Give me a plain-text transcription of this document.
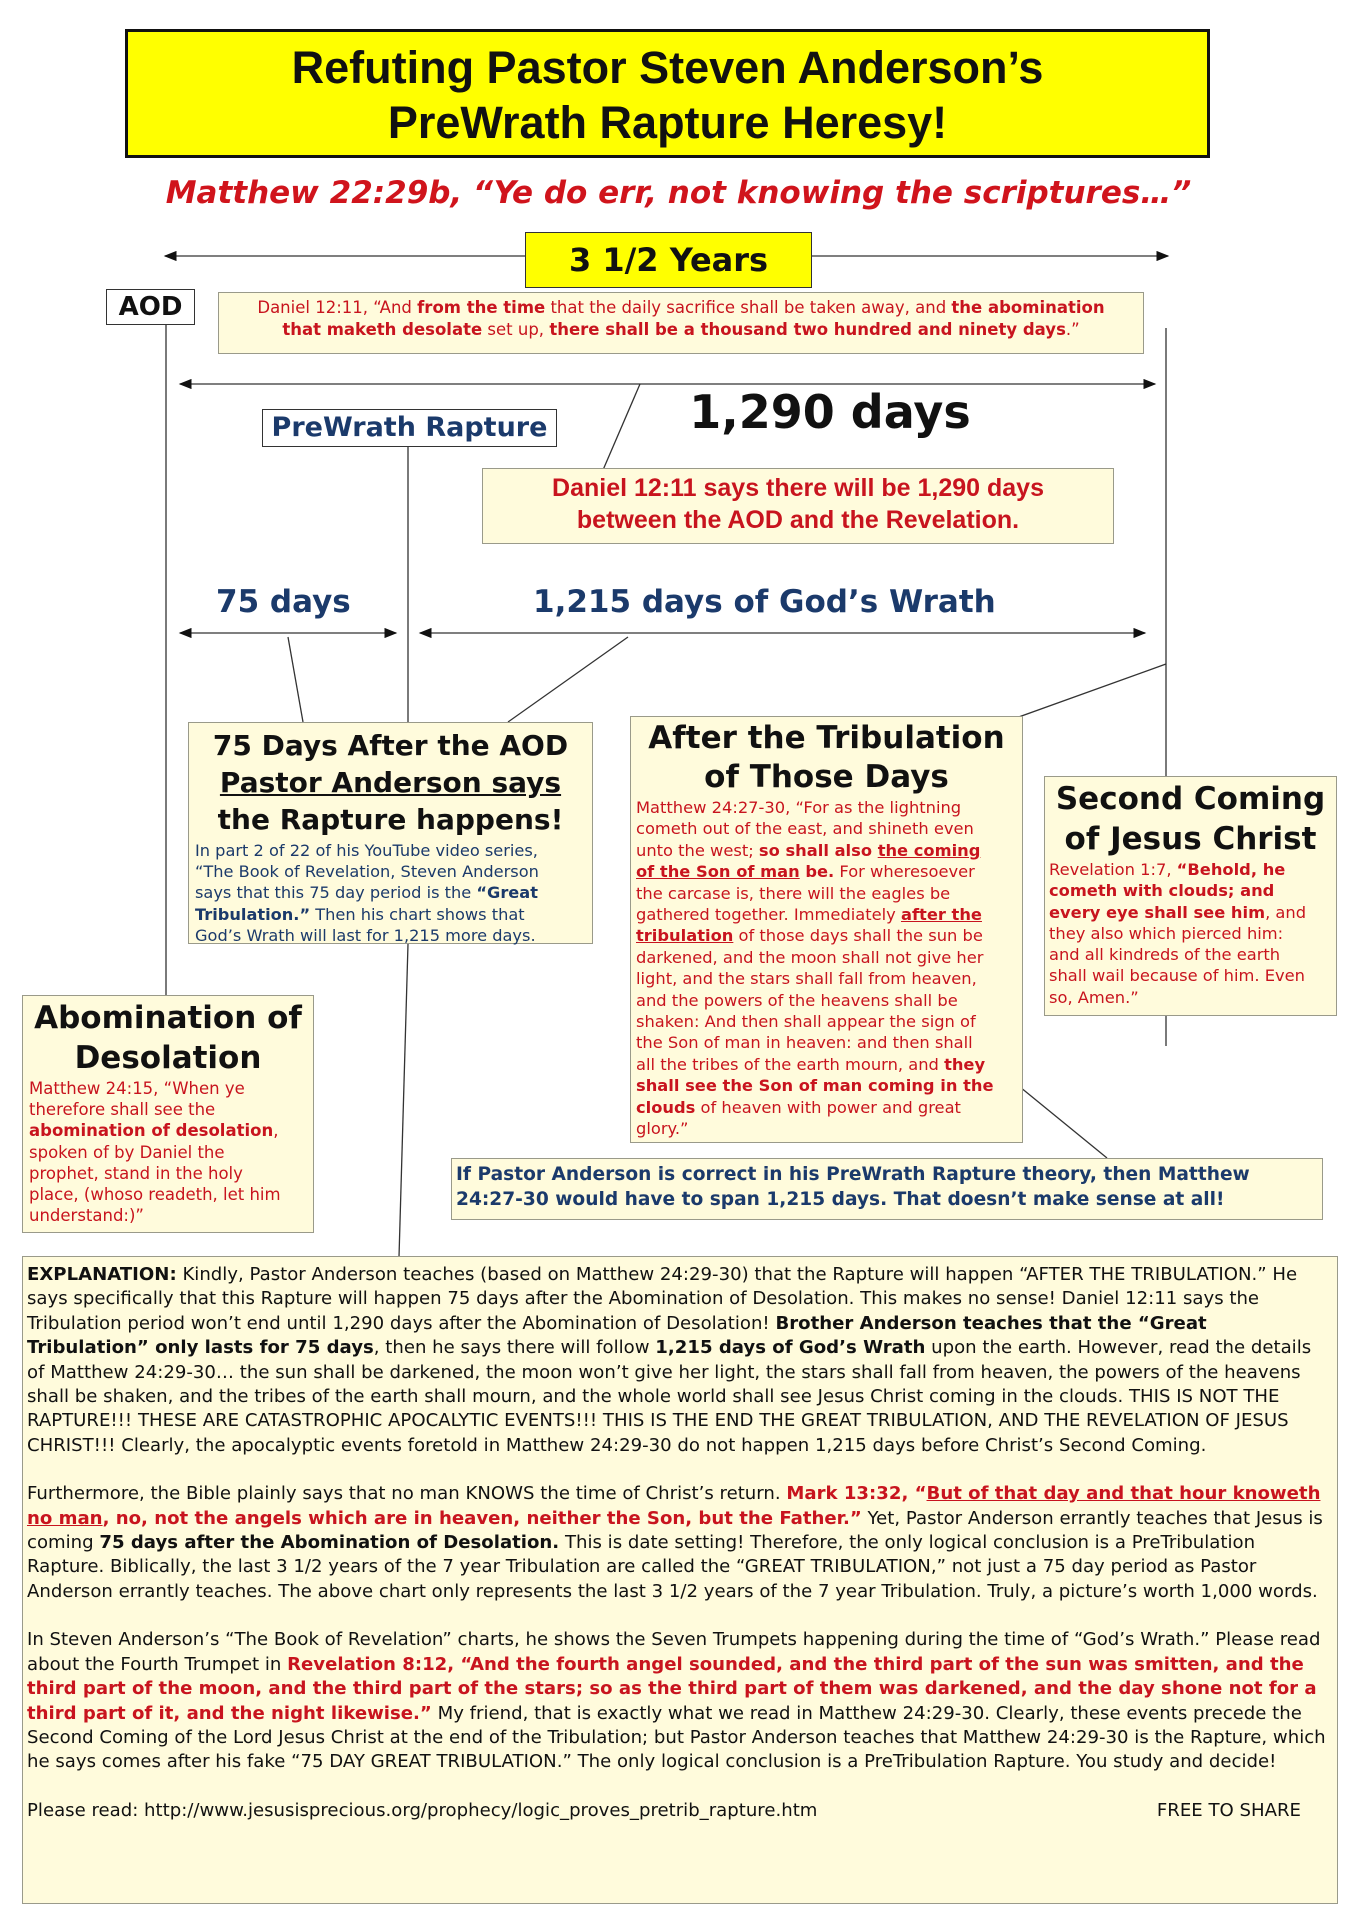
Refuting Pastor Steven Anderson’s
PreWrath Rapture Heresy!
Matthew 22:29b, “Ye do err, not knowing the scriptures…”
3 1/2 Years
AOD	Daniel 12:11, “And from the time that the daily sacrifice shall be taken away, and the abomination
that maketh desolate set up, there shall be a thousand two hundred and ninety days.”
PreWrath Rapture	1,290 days
Daniel 12:11 says there will be 1,290 days
between the AOD and the Revelation.
75 days	1,215 days of God’s Wrath
75 Days After the AOD
Pastor Anderson says
the Rapture happens!
In part 2 of 22 of his YouTube video series,
“The Book of Revelation, Steven Anderson
says that this 75 day period is the “Great
Tribulation.” Then his chart shows that
God’s Wrath will last for 1,215 more days.
Abomination of
Desolation
Matthew 24:15, “When ye
therefore shall see the
abomination of desolation,
spoken of by Daniel the
prophet, stand in the holy
place, (whoso readeth, let him
understand:)”
After the Tribulation
of Those Days
Matthew 24:27-30, “For as the lightning
cometh out of the east, and shineth even
unto the west; so shall also the coming
of the Son of man be. For wheresoever
the carcase is, there will the eagles be
gathered together. Immediately after the
tribulation of those days shall the sun be
darkened, and the moon shall not give her
light, and the stars shall fall from heaven,
and the powers of the heavens shall be
shaken: And then shall appear the sign of
the Son of man in heaven: and then shall
all the tribes of the earth mourn, and they
shall see the Son of man coming in the
clouds of heaven with power and great
glory.”
Second Coming
of Jesus Christ
Revelation 1:7, “Behold, he
cometh with clouds; and
every eye shall see him, and
they also which pierced him:
and all kindreds of the earth
shall wail because of him. Even
so, Amen.”
If Pastor Anderson is correct in his PreWrath Rapture theory, then Matthew
24:27-30 would have to span 1,215 days. That doesn’t make sense at all!
EXPLANATION: Kindly, Pastor Anderson teaches (based on Matthew 24:29-30) that the Rapture will happen “AFTER THE TRIBULATION.” He says specifically that this Rapture will happen 75 days after the Abomination of Desolation. This makes no sense! Daniel 12:11 says the Tribulation period won’t end until 1,290 days after the Abomination of Desolation! Brother Anderson teaches that the “Great Tribulation” only lasts for 75 days, then he says there will follow 1,215 days of God’s Wrath upon the earth. However, read the details of Matthew 24:29-30… the sun shall be darkened, the moon won’t give her light, the stars shall fall from heaven, the powers of the heavens shall be shaken, and the tribes of the earth shall mourn, and the whole world shall see Jesus Christ coming in the clouds. THIS IS NOT THE RAPTURE!!! THESE ARE CATASTROPHIC APOCALYTIC EVENTS!!! THIS IS THE END THE GREAT TRIBULATION, AND THE REVELATION OF JESUS CHRIST!!! Clearly, the apocalyptic events foretold in Matthew 24:29-30 do not happen 1,215 days before Christ’s Second Coming.
Furthermore, the Bible plainly says that no man KNOWS the time of Christ’s return. Mark 13:32, “But of that day and that hour knoweth no man, no, not the angels which are in heaven, neither the Son, but the Father.” Yet, Pastor Anderson errantly teaches that Jesus is coming 75 days after the Abomination of Desolation. This is date setting! Therefore, the only logical conclusion is a PreTribulation Rapture. Biblically, the last 3 1/2 years of the 7 year Tribulation are called the “GREAT TRIBULATION,” not just a 75 day period as Pastor Anderson errantly teaches. The above chart only represents the last 3 1/2 years of the 7 year Tribulation. Truly, a picture’s worth 1,000 words.
In Steven Anderson’s “The Book of Revelation” charts, he shows the Seven Trumpets happening during the time of “God’s Wrath.” Please read about the Fourth Trumpet in Revelation 8:12, “And the fourth angel sounded, and the third part of the sun was smitten, and the third part of the moon, and the third part of the stars; so as the third part of them was darkened, and the day shone not for a third part of it, and the night likewise.” My friend, that is exactly what we read in Matthew 24:29-30. Clearly, these events precede the Second Coming of the Lord Jesus Christ at the end of the Tribulation; but Pastor Anderson teaches that Matthew 24:29-30 is the Rapture, which he says comes after his fake “75 DAY GREAT TRIBULATION.” The only logical conclusion is a PreTribulation Rapture. You study and decide!
Please read: http://www.jesusisprecious.org/prophecy/logic_proves_pretrib_rapture.htm	FREE TO SHARE
